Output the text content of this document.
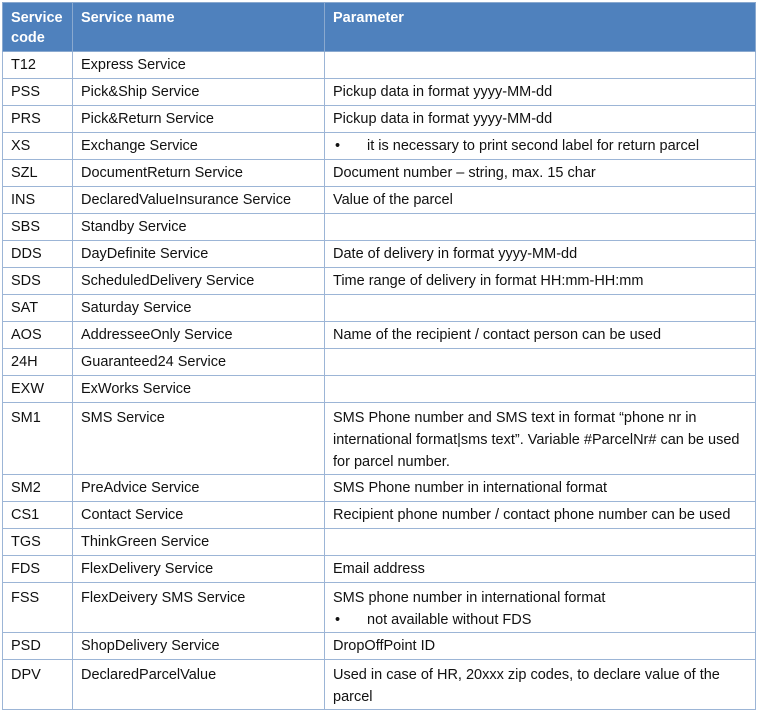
Service code	Service name	Parameter
T12	Express Service	

PSS	Pick&Ship Service	Pickup data in format yyyy-MM-dd

PRS	Pick&Return Service	Pickup data in format yyyy-MM-dd

XS	Exchange Service	• it is necessary to print second label for return parcel

SZL	DocumentReturn Service	Document number – string, max. 15 char

INS	DeclaredValueInsurance Service	Value of the parcel

SBS	Standby Service	

DDS	DayDefinite Service	Date of delivery in format yyyy-MM-dd

SDS	ScheduledDelivery Service	Time range of delivery in format HH:mm-HH:mm

SAT	Saturday Service	

AOS	AddresseeOnly Service	Name of the recipient / contact person can be used

24H	Guaranteed24 Service	

EXW	ExWorks Service	

SM1	SMS Service	SMS Phone number and SMS text in format “phone nr in international format|sms text”. Variable #ParcelNr# can be used for parcel number.

SM2	PreAdvice Service	SMS Phone number in international format

CS1	Contact Service	Recipient phone number / contact phone number can be used

TGS	ThinkGreen Service	

FDS	FlexDelivery Service	Email address

FSS	FlexDeivery SMS Service	SMS phone number in international format
• not available without FDS

PSD	ShopDelivery Service	DropOffPoint ID

DPV	DeclaredParcelValue	Used in case of HR, 20xxx zip codes, to declare value of the parcel
